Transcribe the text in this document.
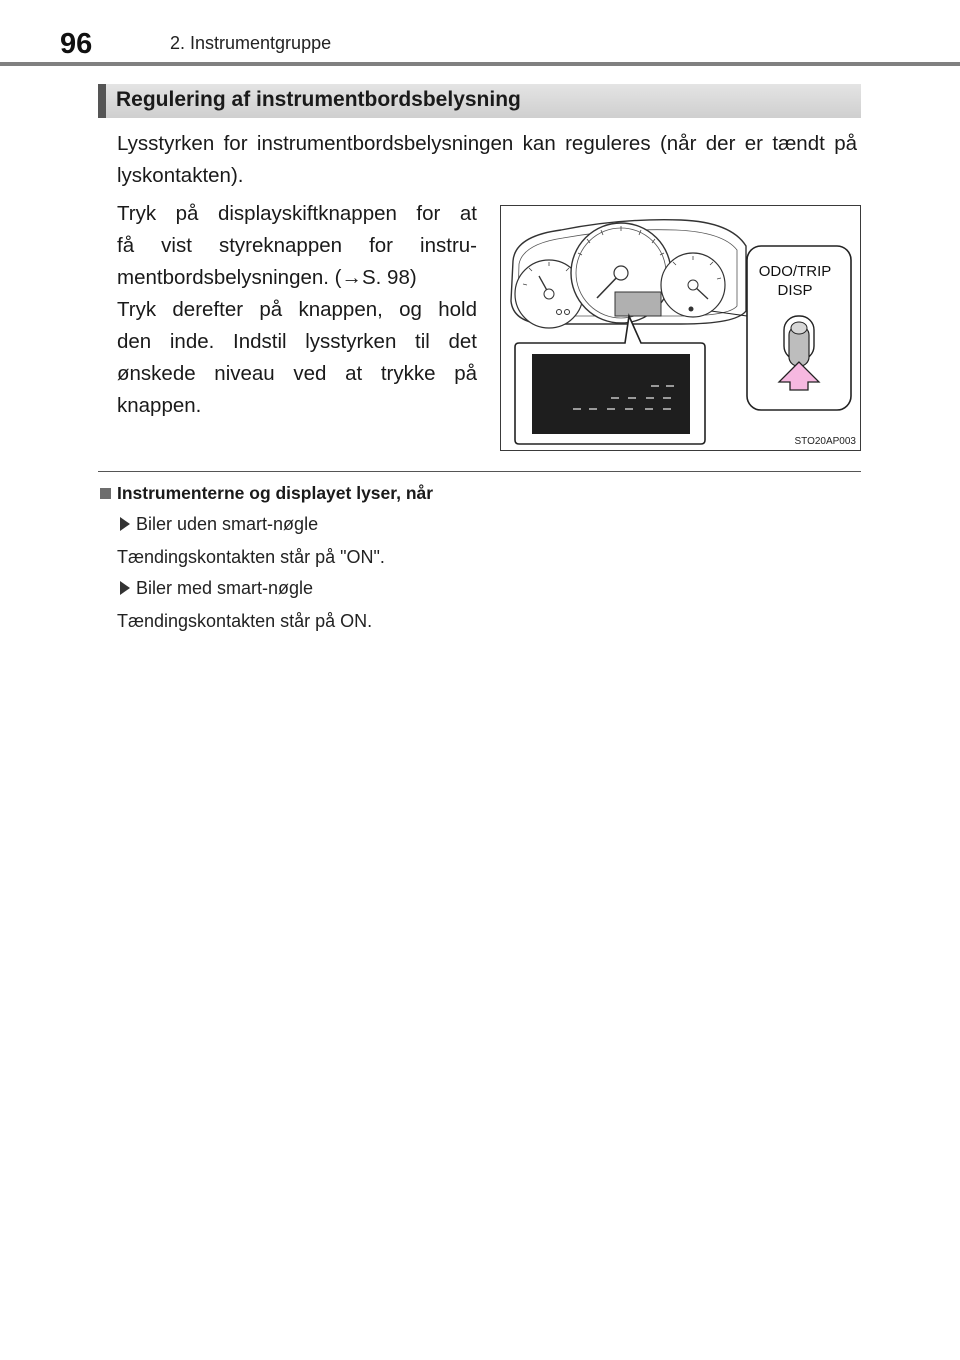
96	2. Instrumentgruppe
Regulering af instrumentbordsbelysning
Lysstyrken for instrumentbordsbelysningen kan reguleres (når der er tændt på lyskontakten).
Tryk på displayskiftknappen for at
få vist styreknappen for instru-
mentbordsbelysningen. (→S. 98)
Tryk derefter på knappen, og hold
den inde. Indstil lysstyrken til det
ønskede niveau ved at trykke på
knappen.
ODO/TRIP
DISP
STO20AP003
Instrumenterne og displayet lyser, når
Biler uden smart-nøgle
Tændingskontakten står på "ON".
Biler med smart-nøgle
Tændingskontakten står på ON.
